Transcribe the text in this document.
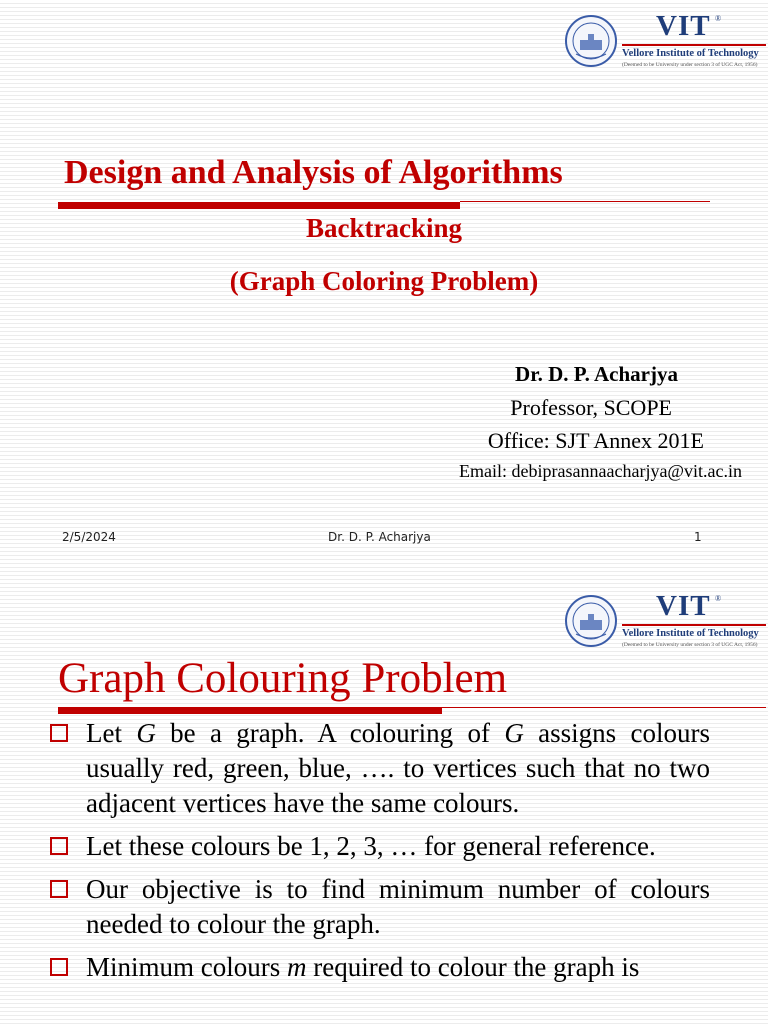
VIT ®
Vellore Institute of Technology
(Deemed to be University under section 3 of UGC Act, 1956)
Design and Analysis of Algorithms
Backtracking
(Graph Coloring Problem)
Dr. D. P. Acharjya
Professor, SCOPE
Office: SJT Annex 201E
Email: debiprasannaacharjya@vit.ac.in
2/5/2024	Dr. D. P. Acharjya	1
VIT ®
Vellore Institute of Technology
(Deemed to be University under section 3 of UGC Act, 1956)
Graph Colouring Problem
Let G be a graph. A colouring of G assigns colours usually red, green, blue, …. to vertices such that no two adjacent vertices have the same colours.
Let these colours be 1, 2, 3, … for general reference.
Our objective is to find minimum number of colours needed to colour the graph.
Minimum colours m required to colour the graph is
